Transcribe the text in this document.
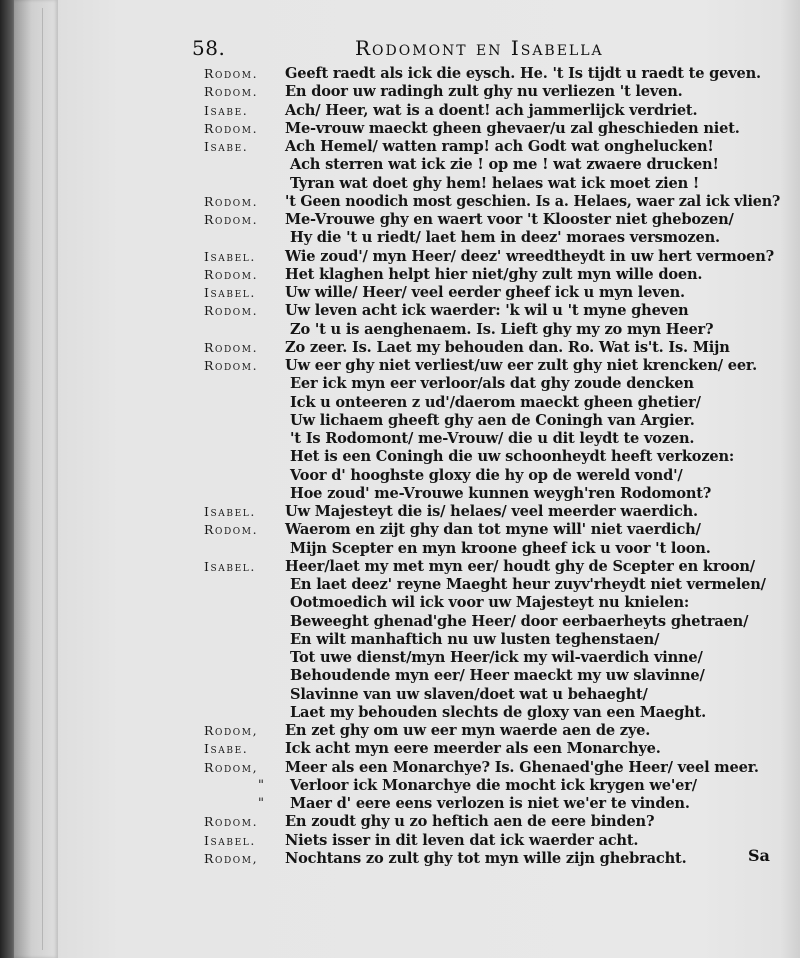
58.	Rodomont en Isabella
Rodom. Geeft raedt als ick die eysch. He. 't Is tijdt u raedt te geven.
Rodom. En door uw radingh zult ghy nu verliezen 't leven.
Isabe.	Ach/ Heer, wat is a doent! ach jammerlijck verdriet.
Rodom. Me-vrouw maeckt gheen ghevaer/u zal gheschieden niet.
Isabe.	Ach Hemel/ watten ramp! ach Godt wat onghelucken!
Ach sterren wat ick zie ! op me ! wat zwaere drucken!
Tyran wat doet ghy hem! helaes wat ick moet zien !
Rodom. 't Geen noodich most geschien. Is a. Helaes, waer zal ick vlien?
Rodom. Me-Vrouwe ghy en waert voor 't Klooster niet ghebozen/
Hy die 't u riedt/ laet hem in deez' moraes versmozen.
Isabel. Wie zoud'/ myn Heer/ deez' wreedtheydt in uw hert vermoen?
Rodom. Het klaghen helpt hier niet/ghy zult myn wille doen.
Isabel. Uw wille/ Heer/ veel eerder gheef ick u myn leven.
Rodom. Uw leven acht ick waerder: 'k wil u 't myne gheven
Zo 't u is aenghenaem. Is. Lieft ghy my zo myn Heer?
Rodom. Zo zeer. Is. Laet my behouden dan. Ro. Wat is't. Is. Mijn
Rodom. Uw eer ghy niet verliest/uw eer zult ghy niet krencken/ eer.
Eer ick myn eer verloor/als dat ghy zoude dencken
Ick u onteeren z ud'/daerom maeckt gheen ghetier/
Uw lichaem gheeft ghy aen de Coningh van Argier.
't Is Rodomont/ me-Vrouw/ die u dit leydt te vozen.
Het is een Coningh die uw schoonheydt heeft verkozen:
Voor d' hooghste gloxy die hy op de wereld vond'/
Hoe zoud' me-Vrouwe kunnen weygh'ren Rodomont?
Isabel. Uw Majesteyt die is/ helaes/ veel meerder waerdich.
Rodom. Waerom en zijt ghy dan tot myne will' niet vaerdich/
Mijn Scepter en myn kroone gheef ick u voor 't loon.
Isabel. Heer/laet my met myn eer/ houdt ghy de Scepter en kroon/
En laet deez' reyne Maeght heur zuyv'rheydt niet vermelen/
Ootmoedich wil ick voor uw Majesteyt nu knielen:
Beweeght ghenad'ghe Heer/ door eerbaerheyts ghetraen/
En wilt manhaftich nu uw lusten teghenstaen/
Tot uwe dienst/myn Heer/ick my wil-vaerdich vinne/
Behoudende myn eer/ Heer maeckt my uw slavinne/
Slavinne van uw slaven/doet wat u behaeght/
Laet my behouden slechts de gloxy van een Maeght.
Rodom, En zet ghy om uw eer myn waerde aen de zye.
Isabe.	Ick acht myn eere meerder als een Monarchye.
Rodom, Meer als een Monarchye? Is. Ghenaed'ghe Heer/ veel meer.
" Verloor ick Monarchye die mocht ick krygen we'er/
" Maer d' eere eens verlozen is niet we'er te vinden.
Rodom. En zoudt ghy u zo heftich aen de eere binden?
Isabel. Niets isser in dit leven dat ick waerder acht.
Rodom, Nochtans zo zult ghy tot myn wille zijn ghebracht.	Sa
